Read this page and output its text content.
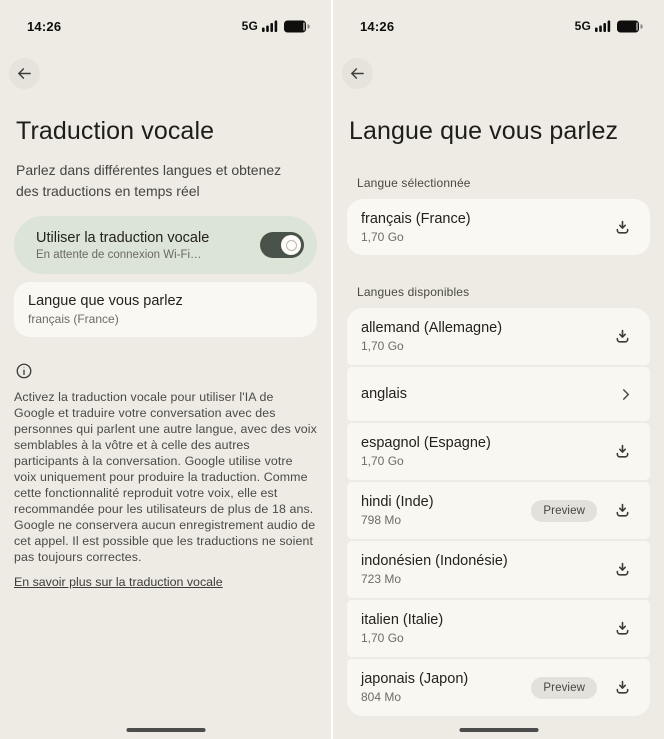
14:26	5G
Traduction vocale

Parlez dans différentes langues et obtenez des traductions en temps réel

Utiliser la traduction vocale
En attente de connexion Wi-Fi…
Langue que vous parlez
français (France)

Activez la traduction vocale pour utiliser l'IA de Google et traduire votre conversation avec des personnes qui parlent une autre langue, avec des voix semblables à la vôtre et à celle des autres participants à la conversation. Google utilise votre voix uniquement pour produire la traduction. Comme cette fonctionnalité reproduit votre voix, elle est recommandée pour les utilisateurs de plus de 18 ans. Google ne conservera aucun enregistrement audio de cet appel. Il est possible que les traductions ne soient pas toujours correctes.

En savoir plus sur la traduction vocale
14:26	5G
Langue que vous parlez
Langue sélectionnée
français (France)
1,70 Go
Langues disponibles
allemand (Allemagne)
1,70 Go
anglais
espagnol (Espagne)
1,70 Go
hindi (Inde)
798 Mo
Preview
indonésien (Indonésie)
723 Mo
italien (Italie)
1,70 Go
japonais (Japon)
804 Mo
Preview
